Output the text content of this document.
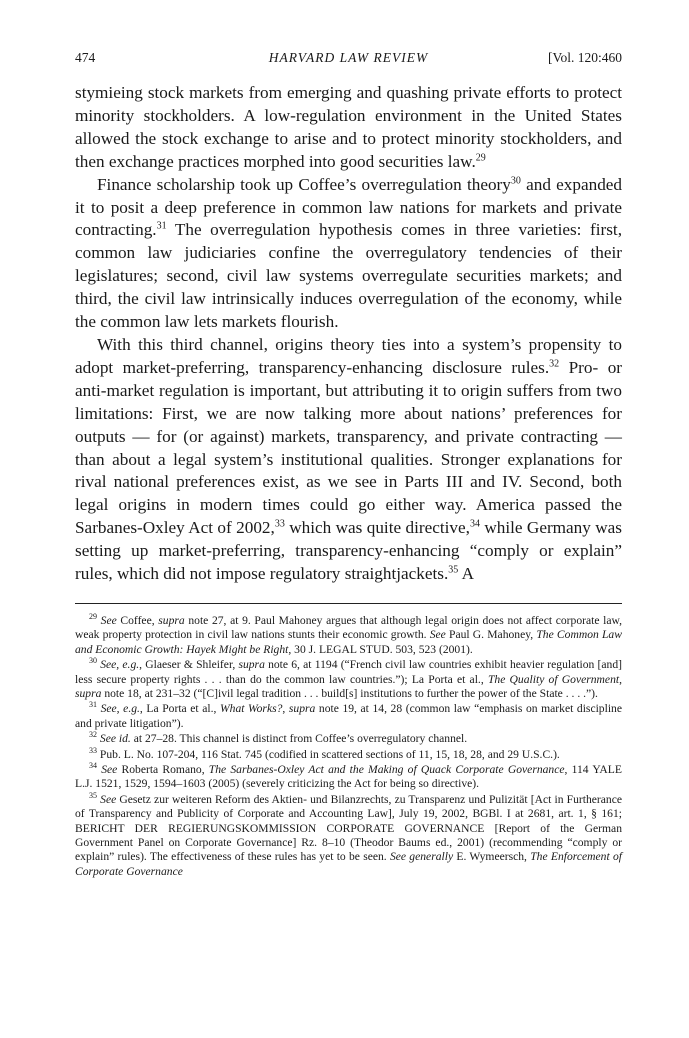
474	HARVARD LAW REVIEW	[Vol. 120:460

stymieing stock markets from emerging and quashing private efforts to protect minority stockholders. A low-regulation environment in the United States allowed the stock exchange to arise and to protect minority stockholders, and then exchange practices morphed into good securities law.$^{29}$

Finance scholarship took up Coffee’s overregulation theory$^{30}$ and expanded it to posit a deep preference in common law nations for markets and private contracting.$^{31}$ The overregulation hypothesis comes in three varieties: first, common law judiciaries confine the overregulatory tendencies of their legislatures; second, civil law systems overregulate securities markets; and third, the civil law intrinsically induces overregulation of the economy, while the common law lets markets flourish.

With this third channel, origins theory ties into a system’s propensity to adopt market-preferring, transparency-enhancing disclosure rules.$^{32}$ Pro- or anti-market regulation is important, but attributing it to origin suffers from two limitations: First, we are now talking more about nations’ preferences for outputs — for (or against) markets, transparency, and private contracting — than about a legal system’s institutional qualities. Stronger explanations for rival national preferences exist, as we see in Parts III and IV. Second, both legal origins in modern times could go either way. America passed the Sarbanes-Oxley Act of 2002,33 which was quite directive,$^{34}$ while Germany was setting up market-preferring, transparency-enhancing “comply or explain” rules, which did not impose regulatory straightjackets.$^{35}$ A

$^{29}$ See Coffee, supra note 27, at 9. Paul Mahoney argues that although legal origin does not affect corporate law, weak property protection in civil law nations stunts their economic growth. See Paul G. Mahoney, The Common Law and Economic Growth: Hayek Might be Right, 30 J. LEGAL STUD. 503, 523 (2001).

$^{30}$ See, e.g., Glaeser & Shleifer, supra note 6, at 1194 (“French civil law countries exhibit heavier regulation [and] less secure property rights . . . than do the common law countries.”); La Porta et al., The Quality of Government, supra note 18, at 231–32 (“[C]ivil legal tradition . . . build[s] institutions to further the power of the State . . . .”).

$^{31}$ See, e.g., La Porta et al., What Works?, supra note 19, at 14, 28 (common law “emphasis on market discipline and private litigation”).

$^{32}$ See id. at 27–28. This channel is distinct from Coffee’s overregulatory channel.

$^{33}$ Pub. L. No. 107-204, 116 Stat. 745 (codified in scattered sections of 11, 15, 18, 28, and 29 U.S.C.).

$^{34}$ See Roberta Romano, The Sarbanes-Oxley Act and the Making of Quack Corporate Governance, 114 YALE L.J. 1521, 1529, 1594–1603 (2005) (severely criticizing the Act for being so directive).

$^{35}$ See Gesetz zur weiteren Reform des Aktien- und Bilanzrechts, zu Transparenz und Pulizität [Act in Furtherance of Transparency and Publicity of Corporate and Accounting Law], July 19, 2002, BGBl. I at 2681, art. 1, § 161; BERICHT DER REGIERUNGSKOMMISSION CORPORATE GOVERNANCE [Report of the German Government Panel on Corporate Governance] Rz. 8–10 (Theodor Baums ed., 2001) (recommending “comply or explain” rules). The effectiveness of these rules has yet to be seen. See generally E. Wymeersch, The Enforcement of Corporate Governance
